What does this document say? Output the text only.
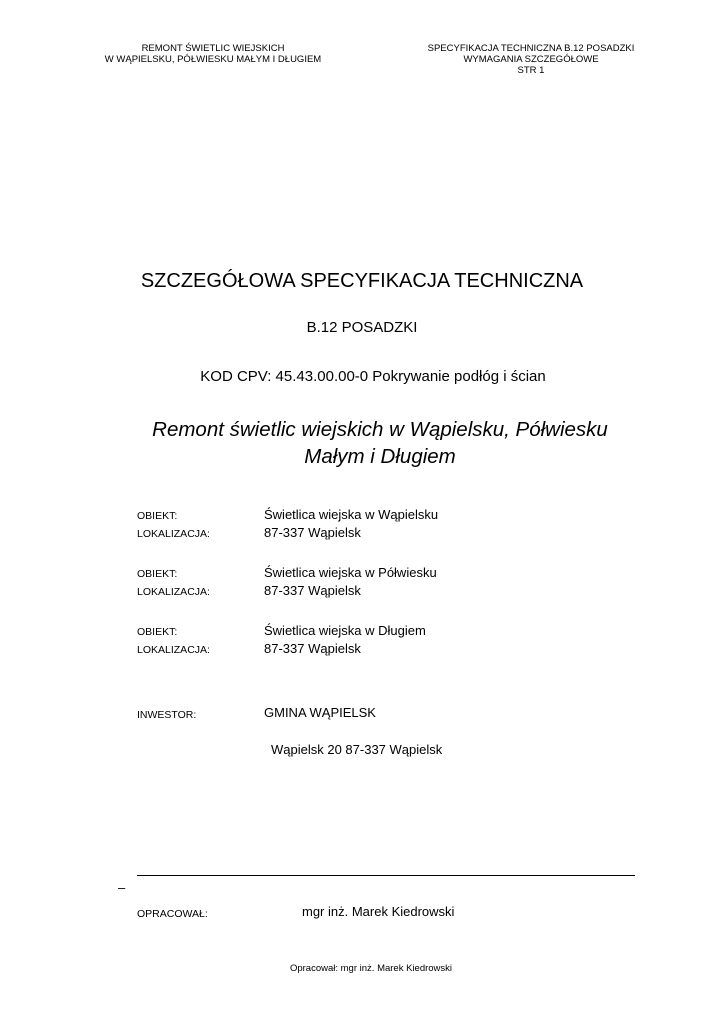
REMONT ŚWIETLIC WIEJSKICH
W WĄPIELSKU, PÓŁWIESKU MAŁYM I DŁUGIEM
SPECYFIKACJA TECHNICZNA B.12 POSADZKI
WYMAGANIA SZCZEGÓŁOWE
STR 1
SZCZEGÓŁOWA SPECYFIKACJA TECHNICZNA
B.12 POSADZKI
KOD CPV: 45.43.00.00-0 Pokrywanie podłóg i ścian
Remont świetlic wiejskich w Wąpielsku, Półwiesku
Małym i Długiem
OBIEKT:	Świetlica wiejska w Wąpielsku
LOKALIZACJA:	87-337 Wąpielsk
OBIEKT:	Świetlica wiejska w Półwiesku
LOKALIZACJA:	87-337 Wąpielsk
OBIEKT:	Świetlica wiejska w Długiem
LOKALIZACJA:	87-337 Wąpielsk
INWESTOR:	GMINA WĄPIELSK
Wąpielsk 20 87-337 Wąpielsk
–
OPRACOWAŁ:	mgr inż. Marek Kiedrowski
Opracował: mgr inż. Marek Kiedrowski
